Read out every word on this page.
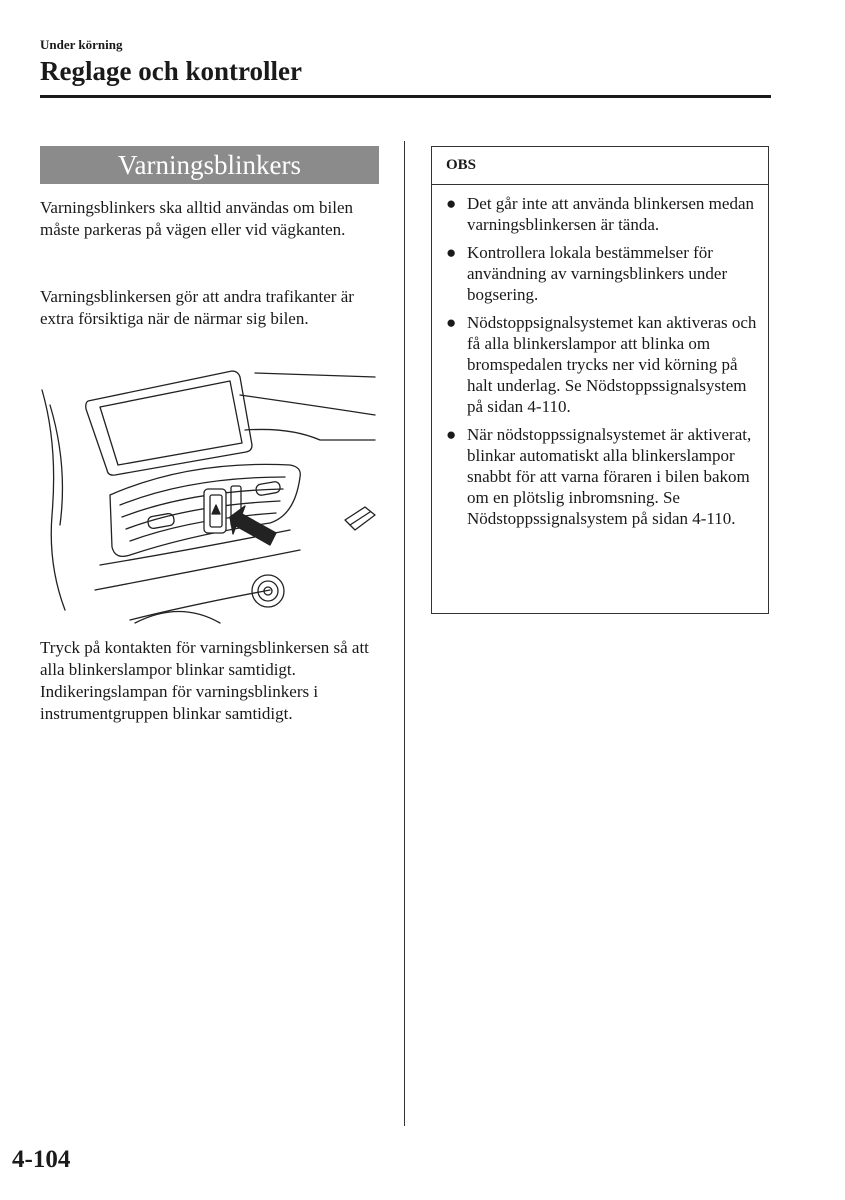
Under körning
Reglage och kontroller
Varningsblinkers

Varningsblinkers ska alltid användas om bilen måste parkeras på vägen eller vid vägkanten.

Varningsblinkersen gör att andra trafikanter är extra försiktiga när de närmar sig bilen.

Tryck på kontakten för varningsblinkersen så att alla blinkerslampor blinkar samtidigt. Indikeringslampan för varningsblinkers i instrumentgruppen blinkar samtidigt.

OBS
● Det går inte att använda blinkersen medan varningsblinkersen är tända.
● Kontrollera lokala bestämmelser för användning av varningsblinkers under bogsering.
● Nödstoppsignalsystemet kan aktiveras och få alla blinkerslampor att blinka om bromspedalen trycks ner vid körning på halt underlag. Se Nödstoppssignalsystem på sidan 4-110.
● När nödstoppssignalsystemet är aktiverat, blinkar automatiskt alla blinkerslampor snabbt för att varna föraren i bilen bakom om en plötslig inbromsning. Se Nödstoppssignalsystem på sidan 4-110.
4-104
